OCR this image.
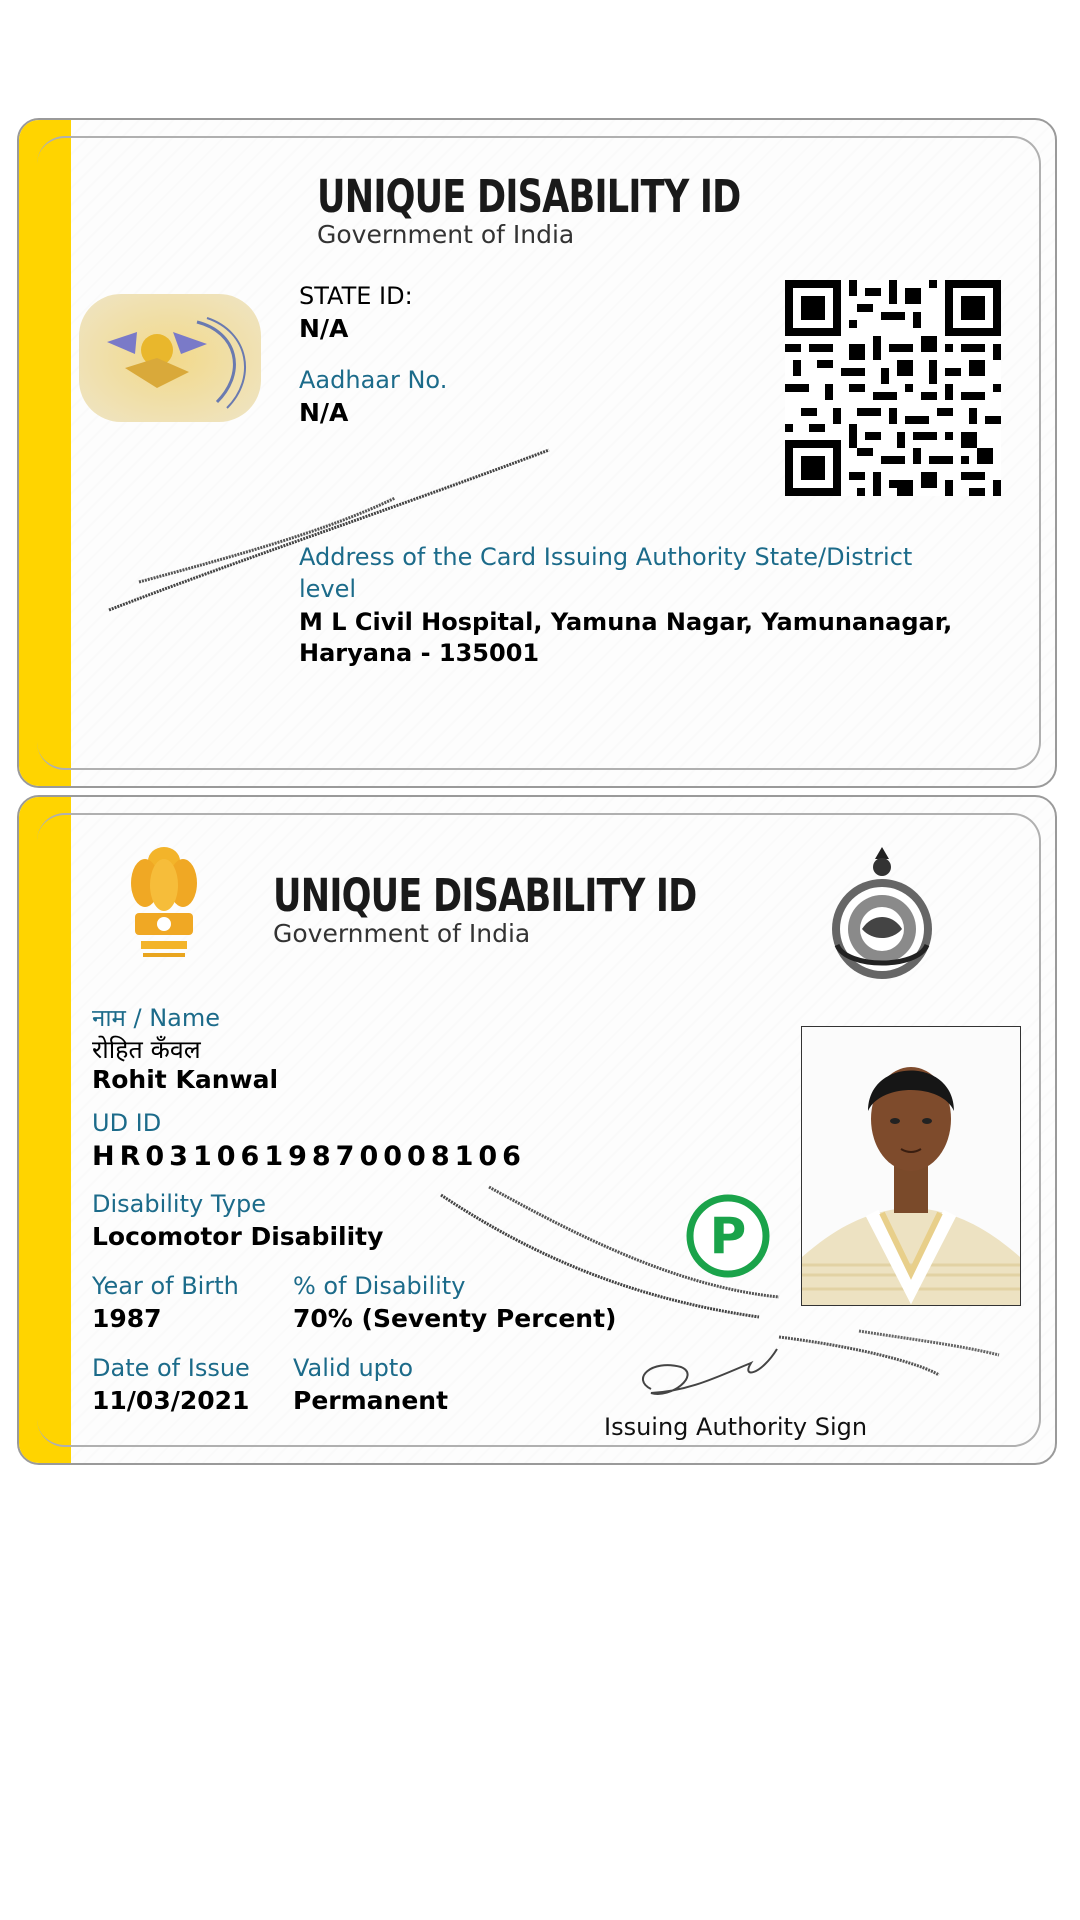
UNIQUE DISABILITY ID
Government of India
STATE ID:
N/A
Aadhaar No.
N/A
Address of the Card Issuing Authority State/District level
M L Civil Hospital, Yamuna Nagar, Yamunanagar, Haryana - 135001
UNIQUE DISABILITY ID
Government of India
P
नाम / Name
रोहित कँवल
Rohit Kanwal
UD ID
HR0310619870008106
Disability Type
Locomotor Disability
Year of Birth
1987
% of Disability
70% (Seventy Percent)
Date of Issue
11/03/2021
Valid upto
Permanent
Issuing Authority Sign
